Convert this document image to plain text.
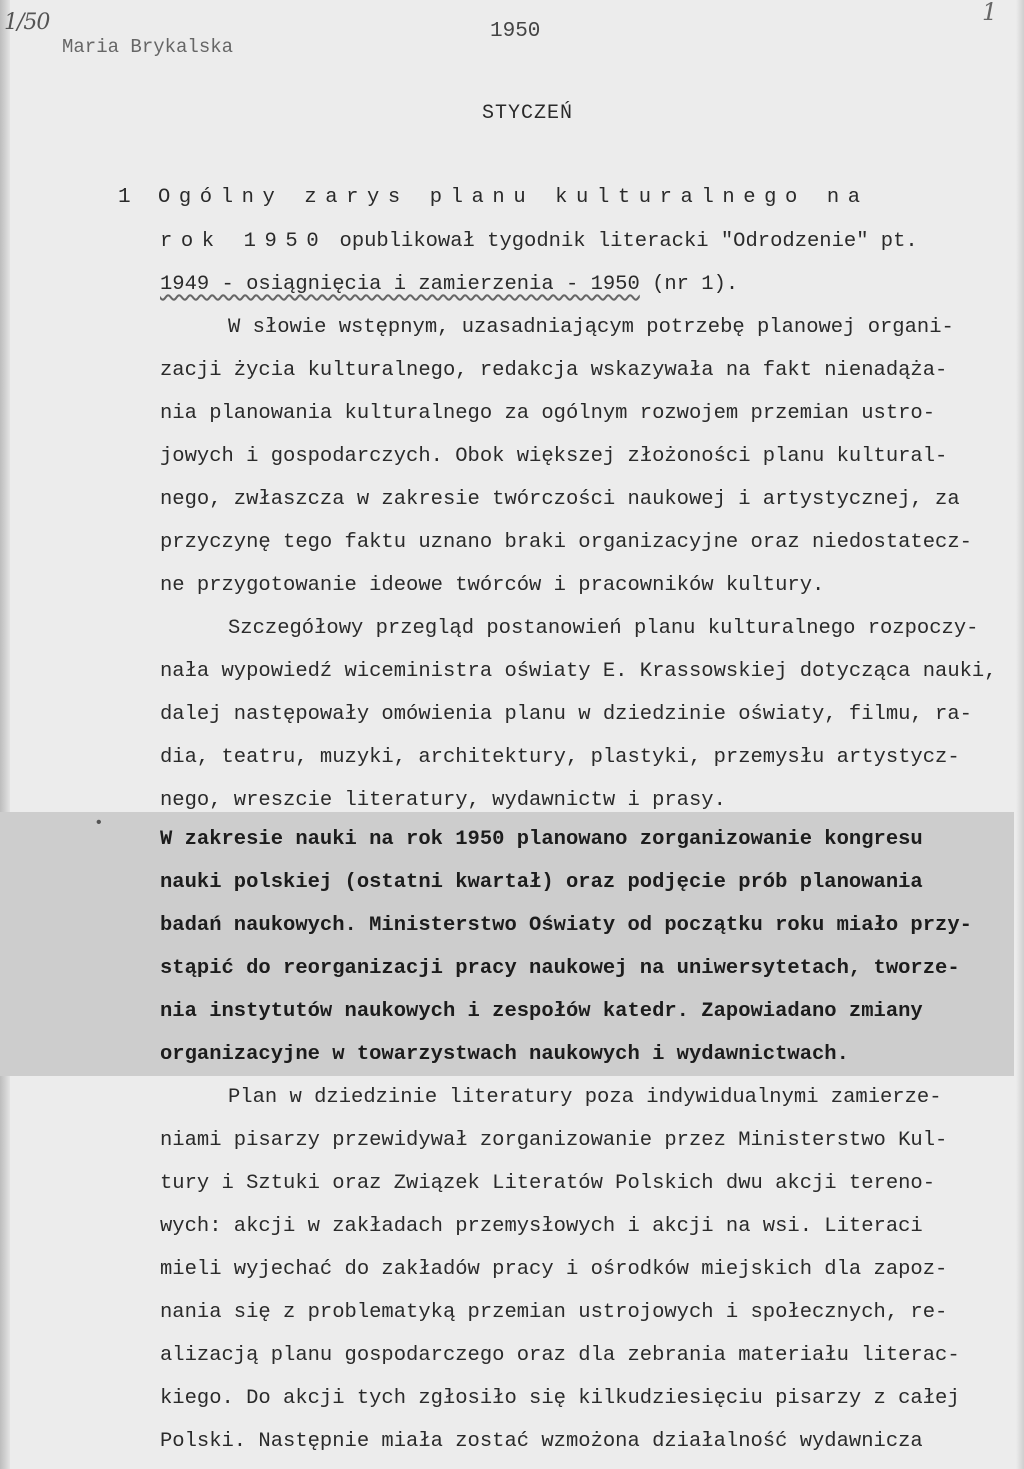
1/50	1
Maria Brykalska
1950
STYCZEŃ
1 Ogólny zarys planu kulturalnego na
rok 1950 opublikował tygodnik literacki "Odrodzenie" pt.
1949 - osiągnięcia i zamierzenia - 1950 (nr 1).
W słowie wstępnym, uzasadniającym potrzebę planowej organi-
zacji życia kulturalnego, redakcja wskazywała na fakt nienadąża-
nia planowania kulturalnego za ogólnym rozwojem przemian ustro-
jowych i gospodarczych. Obok większej złożoności planu kultural-
nego, zwłaszcza w zakresie twórczości naukowej i artystycznej, za
przyczynę tego faktu uznano braki organizacyjne oraz niedostatecz-
ne przygotowanie ideowe twórców i pracowników kultury.
Szczegółowy przegląd postanowień planu kulturalnego rozpoczy-
nała wypowiedź wiceministra oświaty E. Krassowskiej dotycząca nauki,
dalej następowały omówienia planu w dziedzinie oświaty, filmu, ra-
dia, teatru, muzyki, architektury, plastyki, przemysłu artystycz-
nego, wreszcie literatury, wydawnictw i prasy.
•
W zakresie nauki na rok 1950 planowano zorganizowanie kongresu
nauki polskiej (ostatni kwartał) oraz podjęcie prób planowania
badań naukowych. Ministerstwo Oświaty od początku roku miało przy-
stąpić do reorganizacji pracy naukowej na uniwersytetach, tworze-
nia instytutów naukowych i zespołów katedr. Zapowiadano zmiany
organizacyjne w towarzystwach naukowych i wydawnictwach.
Plan w dziedzinie literatury poza indywidualnymi zamierze-
niami pisarzy przewidywał zorganizowanie przez Ministerstwo Kul-
tury i Sztuki oraz Związek Literatów Polskich dwu akcji tereno-
wych: akcji w zakładach przemysłowych i akcji na wsi. Literaci
mieli wyjechać do zakładów pracy i ośrodków miejskich dla zapoz-
nania się z problematyką przemian ustrojowych i społecznych, re-
alizacją planu gospodarczego oraz dla zebrania materiału literac-
kiego. Do akcji tych zgłosiło się kilkudziesięciu pisarzy z całej
Polski. Następnie miała zostać wzmożona działalność wydawnicza
